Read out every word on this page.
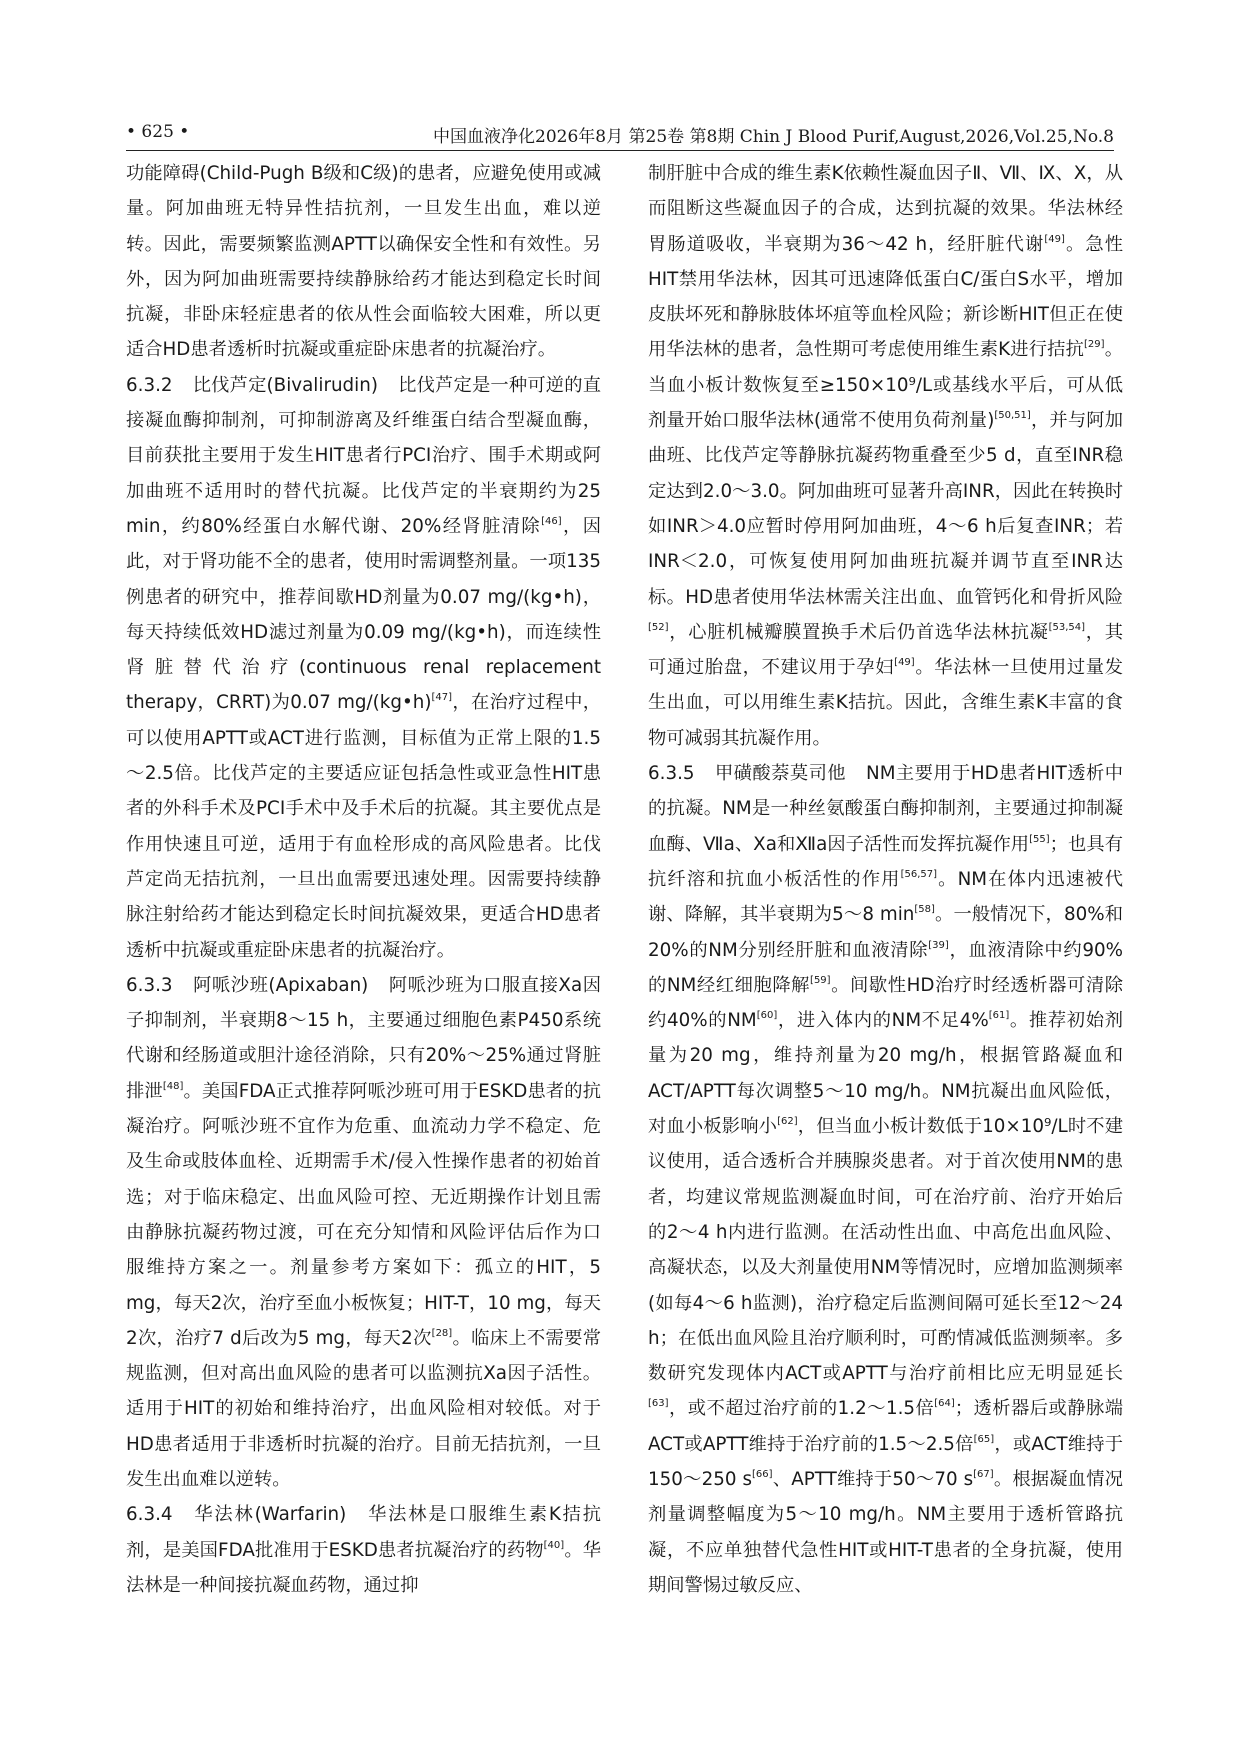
• 625 •	中国血液净化2026年8月 第25卷 第8期 Chin J Blood Purif,August,2026,Vol.25,No.8

功能障碍(Child-Pugh B级和C级)的患者，应避免使用或减量。阿加曲班无特异性拮抗剂，一旦发生出血，难以逆转。因此，需要频繁监测APTT以确保安全性和有效性。另外，因为阿加曲班需要持续静脉给药才能达到稳定长时间抗凝，非卧床轻症患者的依从性会面临较大困难，所以更适合HD患者透析时抗凝或重症卧床患者的抗凝治疗。

6.3.2 比伐芦定(Bivalirudin) 比伐芦定是一种可逆的直接凝血酶抑制剂，可抑制游离及纤维蛋白结合型凝血酶，目前获批主要用于发生HIT患者行PCI治疗、围手术期或阿加曲班不适用时的替代抗凝。比伐芦定的半衰期约为25 min，约80%经蛋白水解代谢、20%经肾脏清除[46]，因此，对于肾功能不全的患者，使用时需调整剂量。一项135例患者的研究中，推荐间歇HD剂量为0.07 mg/(kg•h)，每天持续低效HD滤过剂量为0.09 mg/(kg•h)，而连续性肾脏替代治疗(continuous renal replacement therapy，CRRT)为0.07 mg/(kg•h)[47]，在治疗过程中，可以使用APTT或ACT进行监测，目标值为正常上限的1.5～2.5倍。比伐芦定的主要适应证包括急性或亚急性HIT患者的外科手术及PCI手术中及手术后的抗凝。其主要优点是作用快速且可逆，适用于有血栓形成的高风险患者。比伐芦定尚无拮抗剂，一旦出血需要迅速处理。因需要持续静脉注射给药才能达到稳定长时间抗凝效果，更适合HD患者透析中抗凝或重症卧床患者的抗凝治疗。

6.3.3 阿哌沙班(Apixaban) 阿哌沙班为口服直接Xa因子抑制剂，半衰期8～15 h，主要通过细胞色素P450系统代谢和经肠道或胆汁途径消除，只有20%～25%通过肾脏排泄[48]。美国FDA正式推荐阿哌沙班可用于ESKD患者的抗凝治疗。阿哌沙班不宜作为危重、血流动力学不稳定、危及生命或肢体血栓、近期需手术/侵入性操作患者的初始首选；对于临床稳定、出血风险可控、无近期操作计划且需由静脉抗凝药物过渡，可在充分知情和风险评估后作为口服维持方案之一。剂量参考方案如下：孤立的HIT，5 mg，每天2次，治疗至血小板恢复；HIT-T，10 mg，每天2次，治疗7 d后改为5 mg，每天2次[28]。临床上不需要常规监测，但对高出血风险的患者可以监测抗Xa因子活性。适用于HIT的初始和维持治疗，出血风险相对较低。对于HD患者适用于非透析时抗凝的治疗。目前无拮抗剂，一旦发生出血难以逆转。

6.3.4 华法林(Warfarin) 华法林是口服维生素K拮抗剂，是美国FDA批准用于ESKD患者抗凝治疗的药物[40]。华法林是一种间接抗凝血药物，通过抑

制肝脏中合成的维生素K依赖性凝血因子Ⅱ、Ⅶ、Ⅸ、X，从而阻断这些凝血因子的合成，达到抗凝的效果。华法林经胃肠道吸收，半衰期为36～42 h，经肝脏代谢[49]。急性HIT禁用华法林，因其可迅速降低蛋白C/蛋白S水平，增加皮肤坏死和静脉肢体坏疽等血栓风险；新诊断HIT但正在使用华法林的患者，急性期可考虑使用维生素K进行拮抗[29]。当血小板计数恢复至≥150×10⁹/L或基线水平后，可从低剂量开始口服华法林(通常不使用负荷剂量)[50,51]，并与阿加曲班、比伐芦定等静脉抗凝药物重叠至少5 d，直至INR稳定达到2.0～3.0。阿加曲班可显著升高INR，因此在转换时如INR＞4.0应暂时停用阿加曲班，4～6 h后复查INR；若INR＜2.0，可恢复使用阿加曲班抗凝并调节直至INR达标。HD患者使用华法林需关注出血、血管钙化和骨折风险[52]，心脏机械瓣膜置换手术后仍首选华法林抗凝[53,54]，其可通过胎盘，不建议用于孕妇[49]。华法林一旦使用过量发生出血，可以用维生素K拮抗。因此，含维生素K丰富的食物可减弱其抗凝作用。

6.3.5 甲磺酸萘莫司他 NM主要用于HD患者HIT透析中的抗凝。NM是一种丝氨酸蛋白酶抑制剂，主要通过抑制凝血酶、Ⅶa、Xa和Ⅻa因子活性而发挥抗凝作用[55]；也具有抗纤溶和抗血小板活性的作用[56,57]。NM在体内迅速被代谢、降解，其半衰期为5～8 min[58]。一般情况下，80%和20%的NM分别经肝脏和血液清除[39]，血液清除中约90%的NM经红细胞降解[59]。间歇性HD治疗时经透析器可清除约40%的NM[60]，进入体内的NM不足4%[61]。推荐初始剂量为20 mg，维持剂量为20 mg/h，根据管路凝血和ACT/APTT每次调整5～10 mg/h。NM抗凝出血风险低，对血小板影响小[62]，但当血小板计数低于10×10⁹/L时不建议使用，适合透析合并胰腺炎患者。对于首次使用NM的患者，均建议常规监测凝血时间，可在治疗前、治疗开始后的2～4 h内进行监测。在活动性出血、中高危出血风险、高凝状态，以及大剂量使用NM等情况时，应增加监测频率(如每4～6 h监测)，治疗稳定后监测间隔可延长至12～24 h；在低出血风险且治疗顺利时，可酌情减低监测频率。多数研究发现体内ACT或APTT与治疗前相比应无明显延长[63]，或不超过治疗前的1.2～1.5倍[64]；透析器后或静脉端ACT或APTT维持于治疗前的1.5～2.5倍[65]，或ACT维持于150～250 s[66]、APTT维持于50～70 s[67]。根据凝血情况剂量调整幅度为5～10 mg/h。NM主要用于透析管路抗凝，不应单独替代急性HIT或HIT-T患者的全身抗凝，使用期间警惕过敏反应、
